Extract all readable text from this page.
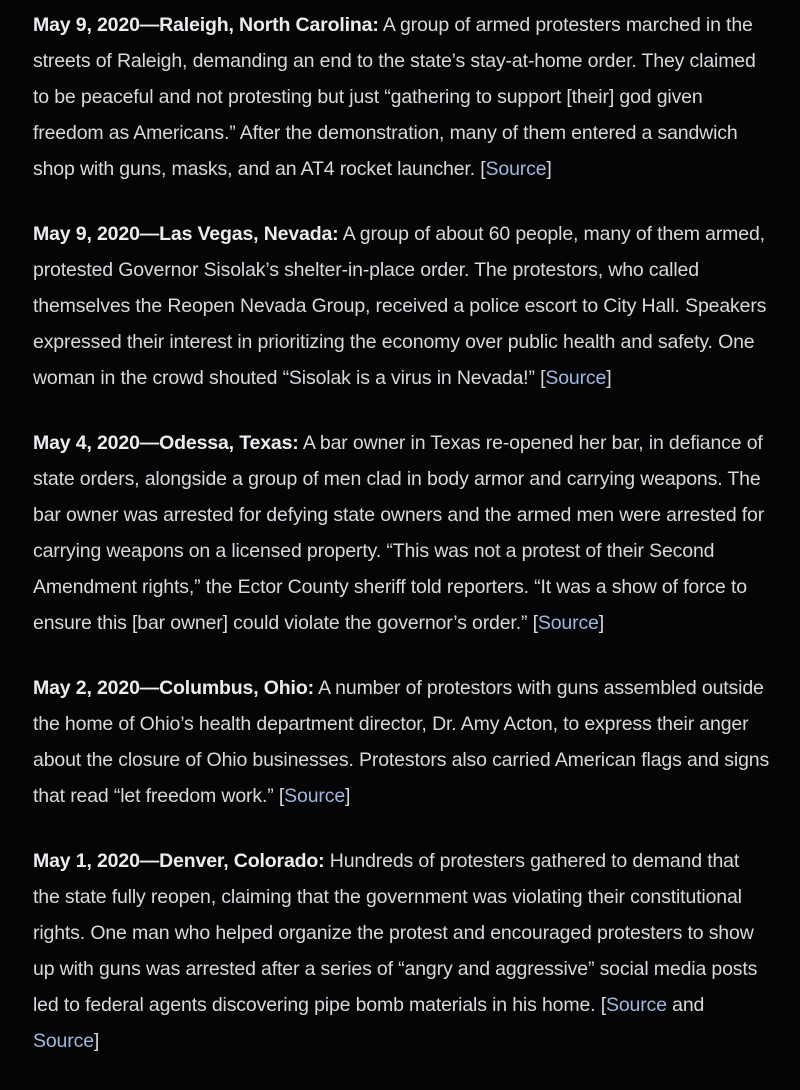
May 9, 2020—Raleigh, North Carolina: A group of armed protesters marched in the streets of Raleigh, demanding an end to the state’s stay-at-home order. They claimed to be peaceful and not protesting but just “gathering to support [their] god given freedom as Americans.” After the demonstration, many of them entered a sandwich shop with guns, masks, and an AT4 rocket launcher. [Source]

May 9, 2020—Las Vegas, Nevada: A group of about 60 people, many of them armed, protested Governor Sisolak’s shelter-in-place order. The protestors, who called themselves the Reopen Nevada Group, received a police escort to City Hall. Speakers expressed their interest in prioritizing the economy over public health and safety. One woman in the crowd shouted “Sisolak is a virus in Nevada!” [Source]

May 4, 2020—Odessa, Texas: A bar owner in Texas re-opened her bar, in defiance of state orders, alongside a group of men clad in body armor and carrying weapons. The bar owner was arrested for defying state owners and the armed men were arrested for carrying weapons on a licensed property. “This was not a protest of their Second Amendment rights,” the Ector County sheriff told reporters. “It was a show of force to ensure this [bar owner] could violate the governor’s order.” [Source]

May 2, 2020—Columbus, Ohio: A number of protestors with guns assembled outside the home of Ohio’s health department director, Dr. Amy Acton, to express their anger about the closure of Ohio businesses. Protestors also carried American flags and signs that read “let freedom work.” [Source]

May 1, 2020—Denver, Colorado: Hundreds of protesters gathered to demand that the state fully reopen, claiming that the government was violating their constitutional rights. One man who helped organize the protest and encouraged protesters to show up with guns was arrested after a series of “angry and aggressive” social media posts led to federal agents discovering pipe bomb materials in his home. [Source and Source]
